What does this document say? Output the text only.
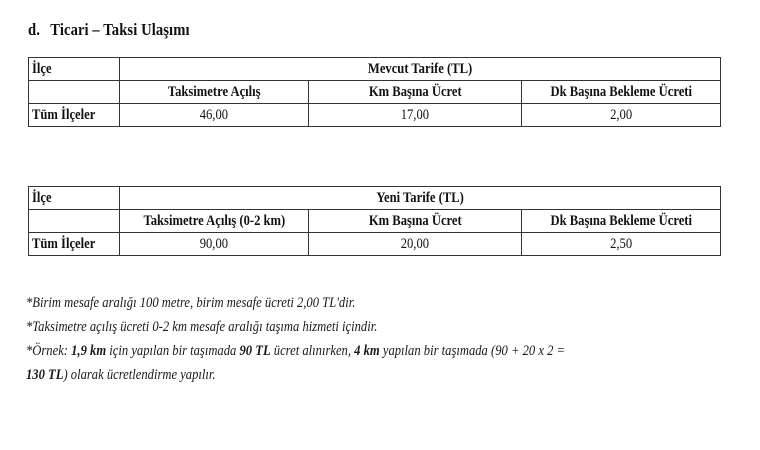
d. Ticari – Taksi Ulaşımı
İlçe	Mevcut Tarife (TL)		
	Taksimetre Açılış	Km Başına Ücret	Dk Başına Bekleme Ücreti
Tüm İlçeler	46,00	17,00	2,00
İlçe	Yeni Tarife (TL)		
	Taksimetre Açılış (0-2 km)	Km Başına Ücret	Dk Başına Bekleme Ücreti
Tüm İlçeler	90,00	20,00	2,50
*Birim mesafe aralığı 100 metre, birim mesafe ücreti 2,00 TL'dir.
*Taksimetre açılış ücreti 0-2 km mesafe aralığı taşıma hizmeti içindir.
*Örnek: 1,9 km için yapılan bir taşımada 90 TL ücret alınırken, 4 km yapılan bir taşımada (90 + 20 x 2 =
130 TL) olarak ücretlendirme yapılır.
